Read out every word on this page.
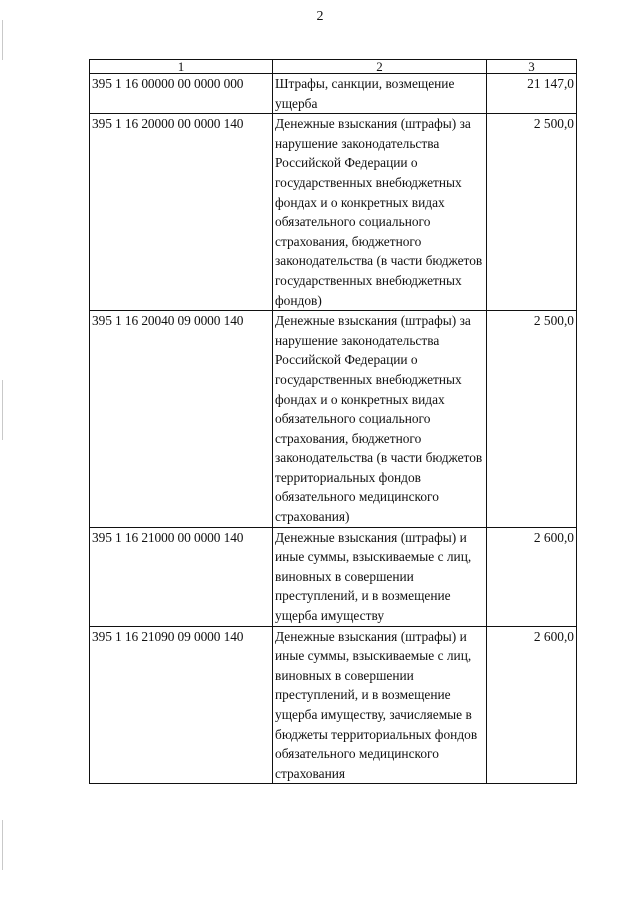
2
1	2	3
395 1 16 00000 00 0000 000	Штрафы, санкции, возмещение ущерба	21 147,0
395 1 16 20000 00 0000 140	Денежные взыскания (штрафы) за нарушение законодательства Российской Федерации о государственных внебюджетных фондах и о конкретных видах обязательного социального страхования, бюджетного законодательства (в части бюджетов государственных внебюджетных фондов)	2 500,0
395 1 16 20040 09 0000 140	Денежные взыскания (штрафы) за нарушение законодательства Российской Федерации о государственных внебюджетных фондах и о конкретных видах обязательного социального страхования, бюджетного законодательства (в части бюджетов территориальных фондов обязательного медицинского страхования)	2 500,0
395 1 16 21000 00 0000 140	Денежные взыскания (штрафы) и иные суммы, взыскиваемые с лиц, виновных в совершении преступлений, и в возмещение ущерба имуществу	2 600,0
395 1 16 21090 09 0000 140	Денежные взыскания (штрафы) и иные суммы, взыскиваемые с лиц, виновных в совершении преступлений, и в возмещение ущерба имуществу, зачисляемые в бюджеты территориальных фондов обязательного медицинского страхования	2 600,0
